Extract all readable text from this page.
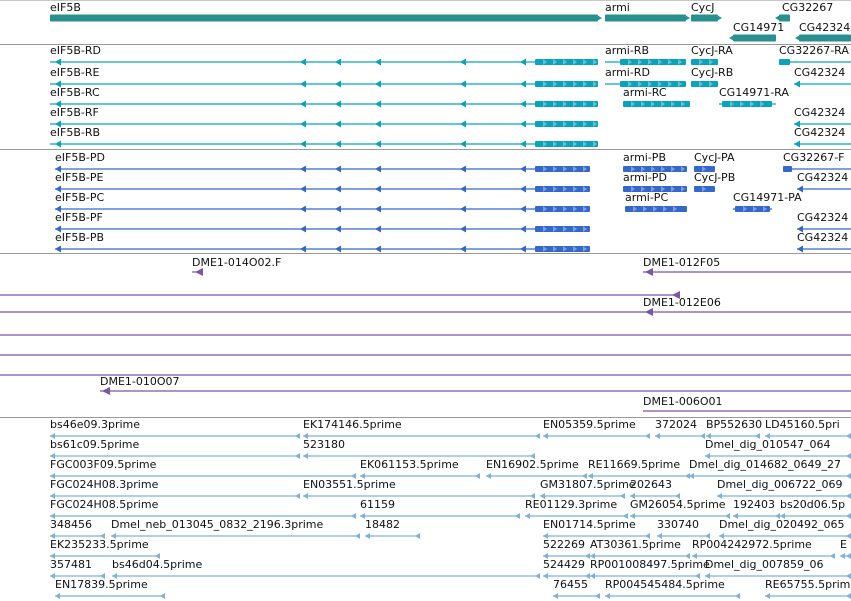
eIF5B	armi	CycJ	CG32267
CG14971 CG42324
eIF5B-RD
eIF5B-RE
eIF5B-RC
eIF5B-RF
eIF5B-RB
armi-RB
armi-RD
armi-RC
CycJ-RA
CycJ-RB
CG14971-RA
CG32267-RA
CG42324
CG42324
CG42324
eIF5B-PD
eIF5B-PE
eIF5B-PC
eIF5B-PF
eIF5B-PB
armi-PB
armi-PD
armi-PC
CycJ-PA
CycJ-PB
CG14971-PA
CG32267-F
CG42324
CG42324
CG42324
DME1-014O02.F	DME1-012F05
DME1-012E06
DME1-010O07
DME1-006O01
bs46e09.3prime	EK174146.5prime	EN05359.5prime 372024 BP552630 LD45160.5pri
bs61c09.5prime	523180	Dmel_dig_010547_064
FGC003F09.5prime	EK061153.5prime EN16902.5prime RE11669.5prime Dmel_dig_014682_0649_27
FGC024H08.3prime	EN03551.5prime	GM31807.5prime
202643	Dmel_dig_006722_069
FGC024H08.5prime	61159	RE01129.3prime GM26054.5prime 192403 bs20d06.5p
348456 Dmel_neb_013045_0832_2196.3prime	18482	EN01714.5prime 330740 Dmel_dig_020492_065
EK235233.5prime	522269 AT30361.5prime RP004242972.5prime	E
357481 bs46d04.5prime	524429 RP001008497.5prime
Dmel_dig_007859_06
EN17839.5prime	76455 RP004545484.5prime	RE65755.5prim
